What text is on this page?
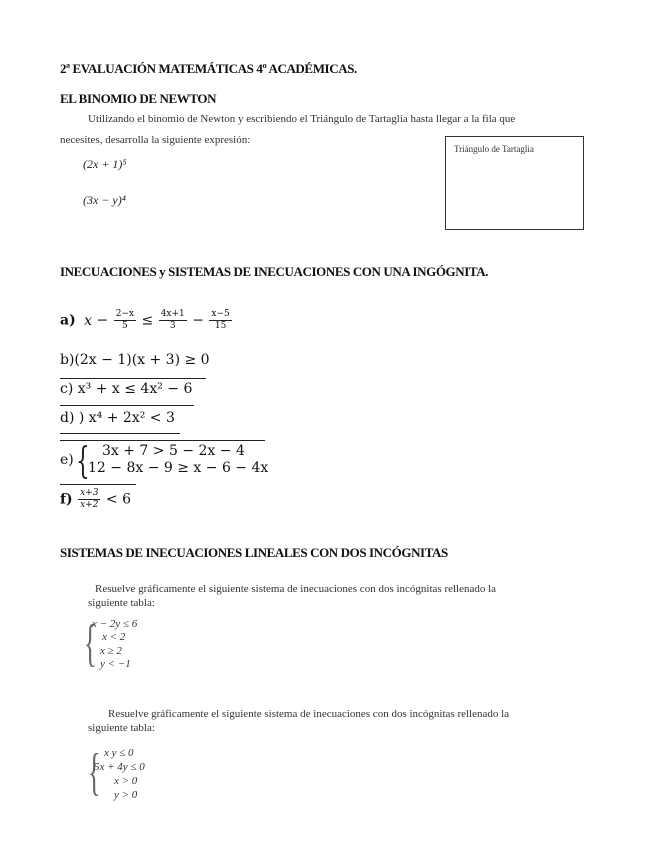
2ª EVALUACIÓN MATEMÁTICAS 4º ACADÉMICAS.
EL BINOMIO DE NEWTON
Utilizando el binomio de Newton y escribiendo el Triángulo de Tartaglia hasta llegar a la fila que
necesites, desarrolla la siguiente expresión:
(2x + 1)⁵
(3x − y)⁴
Triángulo de Tartaglia
INECUACIONES y SISTEMAS DE INECUACIONES CON UNA INGÓGNITA.
a) $x - \frac{2-x}{5} \le \frac{4x+1}{3} - \frac{x-5}{15}$
b)(2x − 1)(x + 3) ≥ 0
c) x³ + x ≤ 4x² − 6
d) ) x⁴ + 2x² < 3
e) { 3x + 7 > 5 − 2x − 4
12 − 8x − 9 ≥ x − 6 − 4x
$f) \frac{x+3}{x+2} < 6$
SISTEMAS DE INECUACIONES LINEALES CON DOS INCÓGNITAS
Resuelve gráficamente el siguiente sistema de inecuaciones con dos incógnitas rellenado la
siguiente tabla:
{
x − 2y ≤ 6
x < 2
x ≥ 2
y < −1
Resuelve gráficamente el siguiente sistema de inecuaciones con dos incógnitas rellenado la
siguiente tabla:
{ x y ≤ 0
5x + 4y ≤ 0
x > 0
y > 0
